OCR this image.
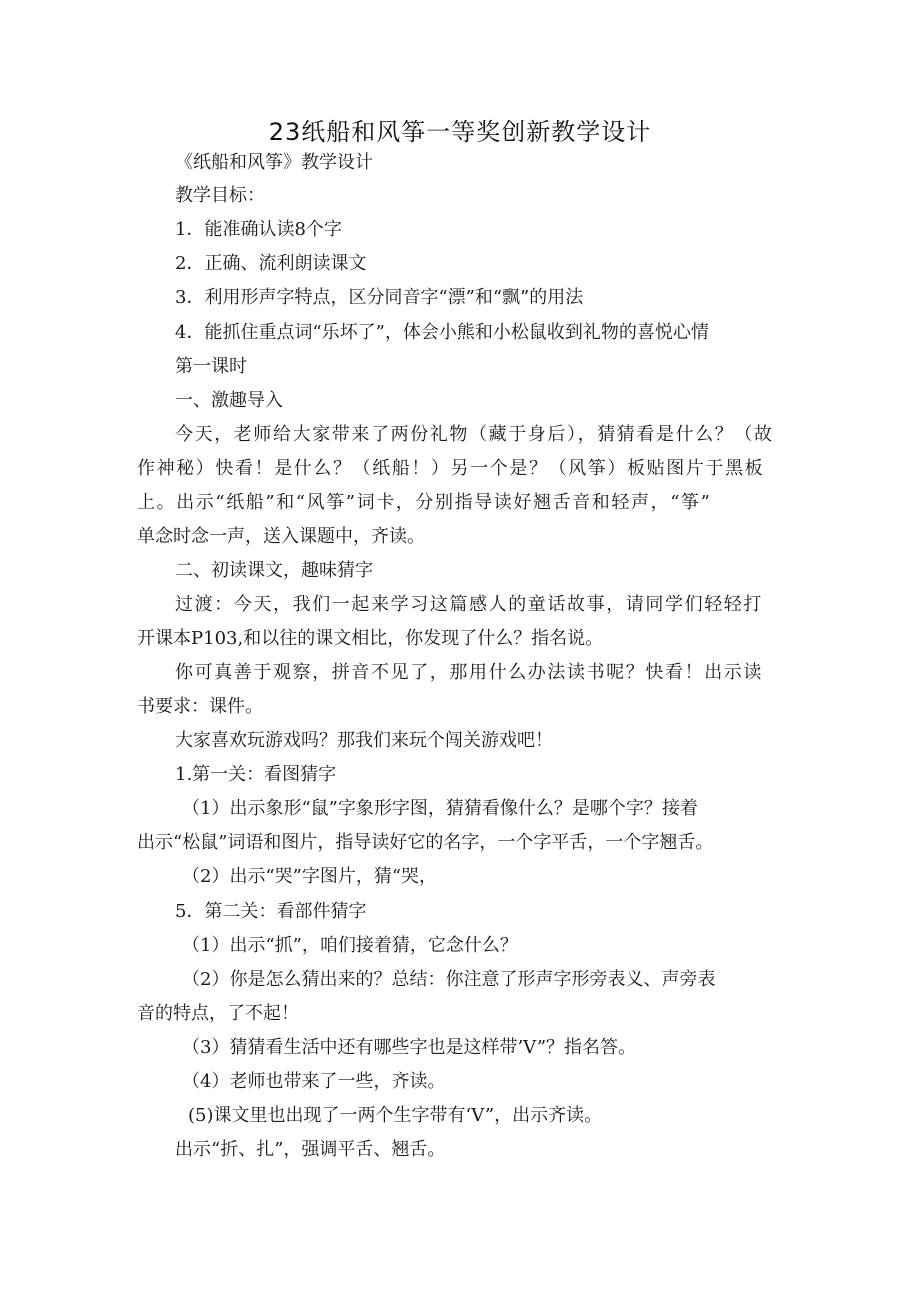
23纸船和风筝一等奖创新教学设计
《纸船和风筝》教学设计
教学目标：
1．能准确认读8个字
2．正确、流利朗读课文
3．利用形声字特点，区分同音字“漂”和“飘”的用法
4．能抓住重点词“乐坏了”，体会小熊和小松鼠收到礼物的喜悦心情
第一课时
一、激趣导入
今天，老师给大家带来了两份礼物（藏于身后），猜猜看是什么？（故
作神秘）快看！是什么？（纸船！）另一个是？（风筝）板贴图片于黑板
上。出示“纸船”和“风筝”词卡，分别指导读好翘舌音和轻声，“筝”
单念时念一声，送入课题中，齐读。
二、初读课文，趣味猜字
过渡：今天，我们一起来学习这篇感人的童话故事，请同学们轻轻打
开课本P103,和以往的课文相比，你发现了什么？指名说。
你可真善于观察，拼音不见了，那用什么办法读书呢？快看！出示读
书要求：课件。
大家喜欢玩游戏吗？那我们来玩个闯关游戏吧！
1.第一关：看图猜字
（1）出示象形“鼠”字象形字图，猜猜看像什么？是哪个字？接着
出示“松鼠”词语和图片，指导读好它的名字，一个字平舌，一个字翘舌。
（2）出示“哭”字图片，猜“哭，
5．第二关：看部件猜字
（1）出示“抓”，咱们接着猜，它念什么？
（2）你是怎么猜出来的？总结：你注意了形声字形旁表义、声旁表
音的特点，了不起！
（3）猜猜看生活中还有哪些字也是这样带’V”？指名答。
（4）老师也带来了一些，齐读。
(5)课文里也出现了一两个生字带有‘V”，出示齐读。
出示“折、扎”，强调平舌、翘舌。
